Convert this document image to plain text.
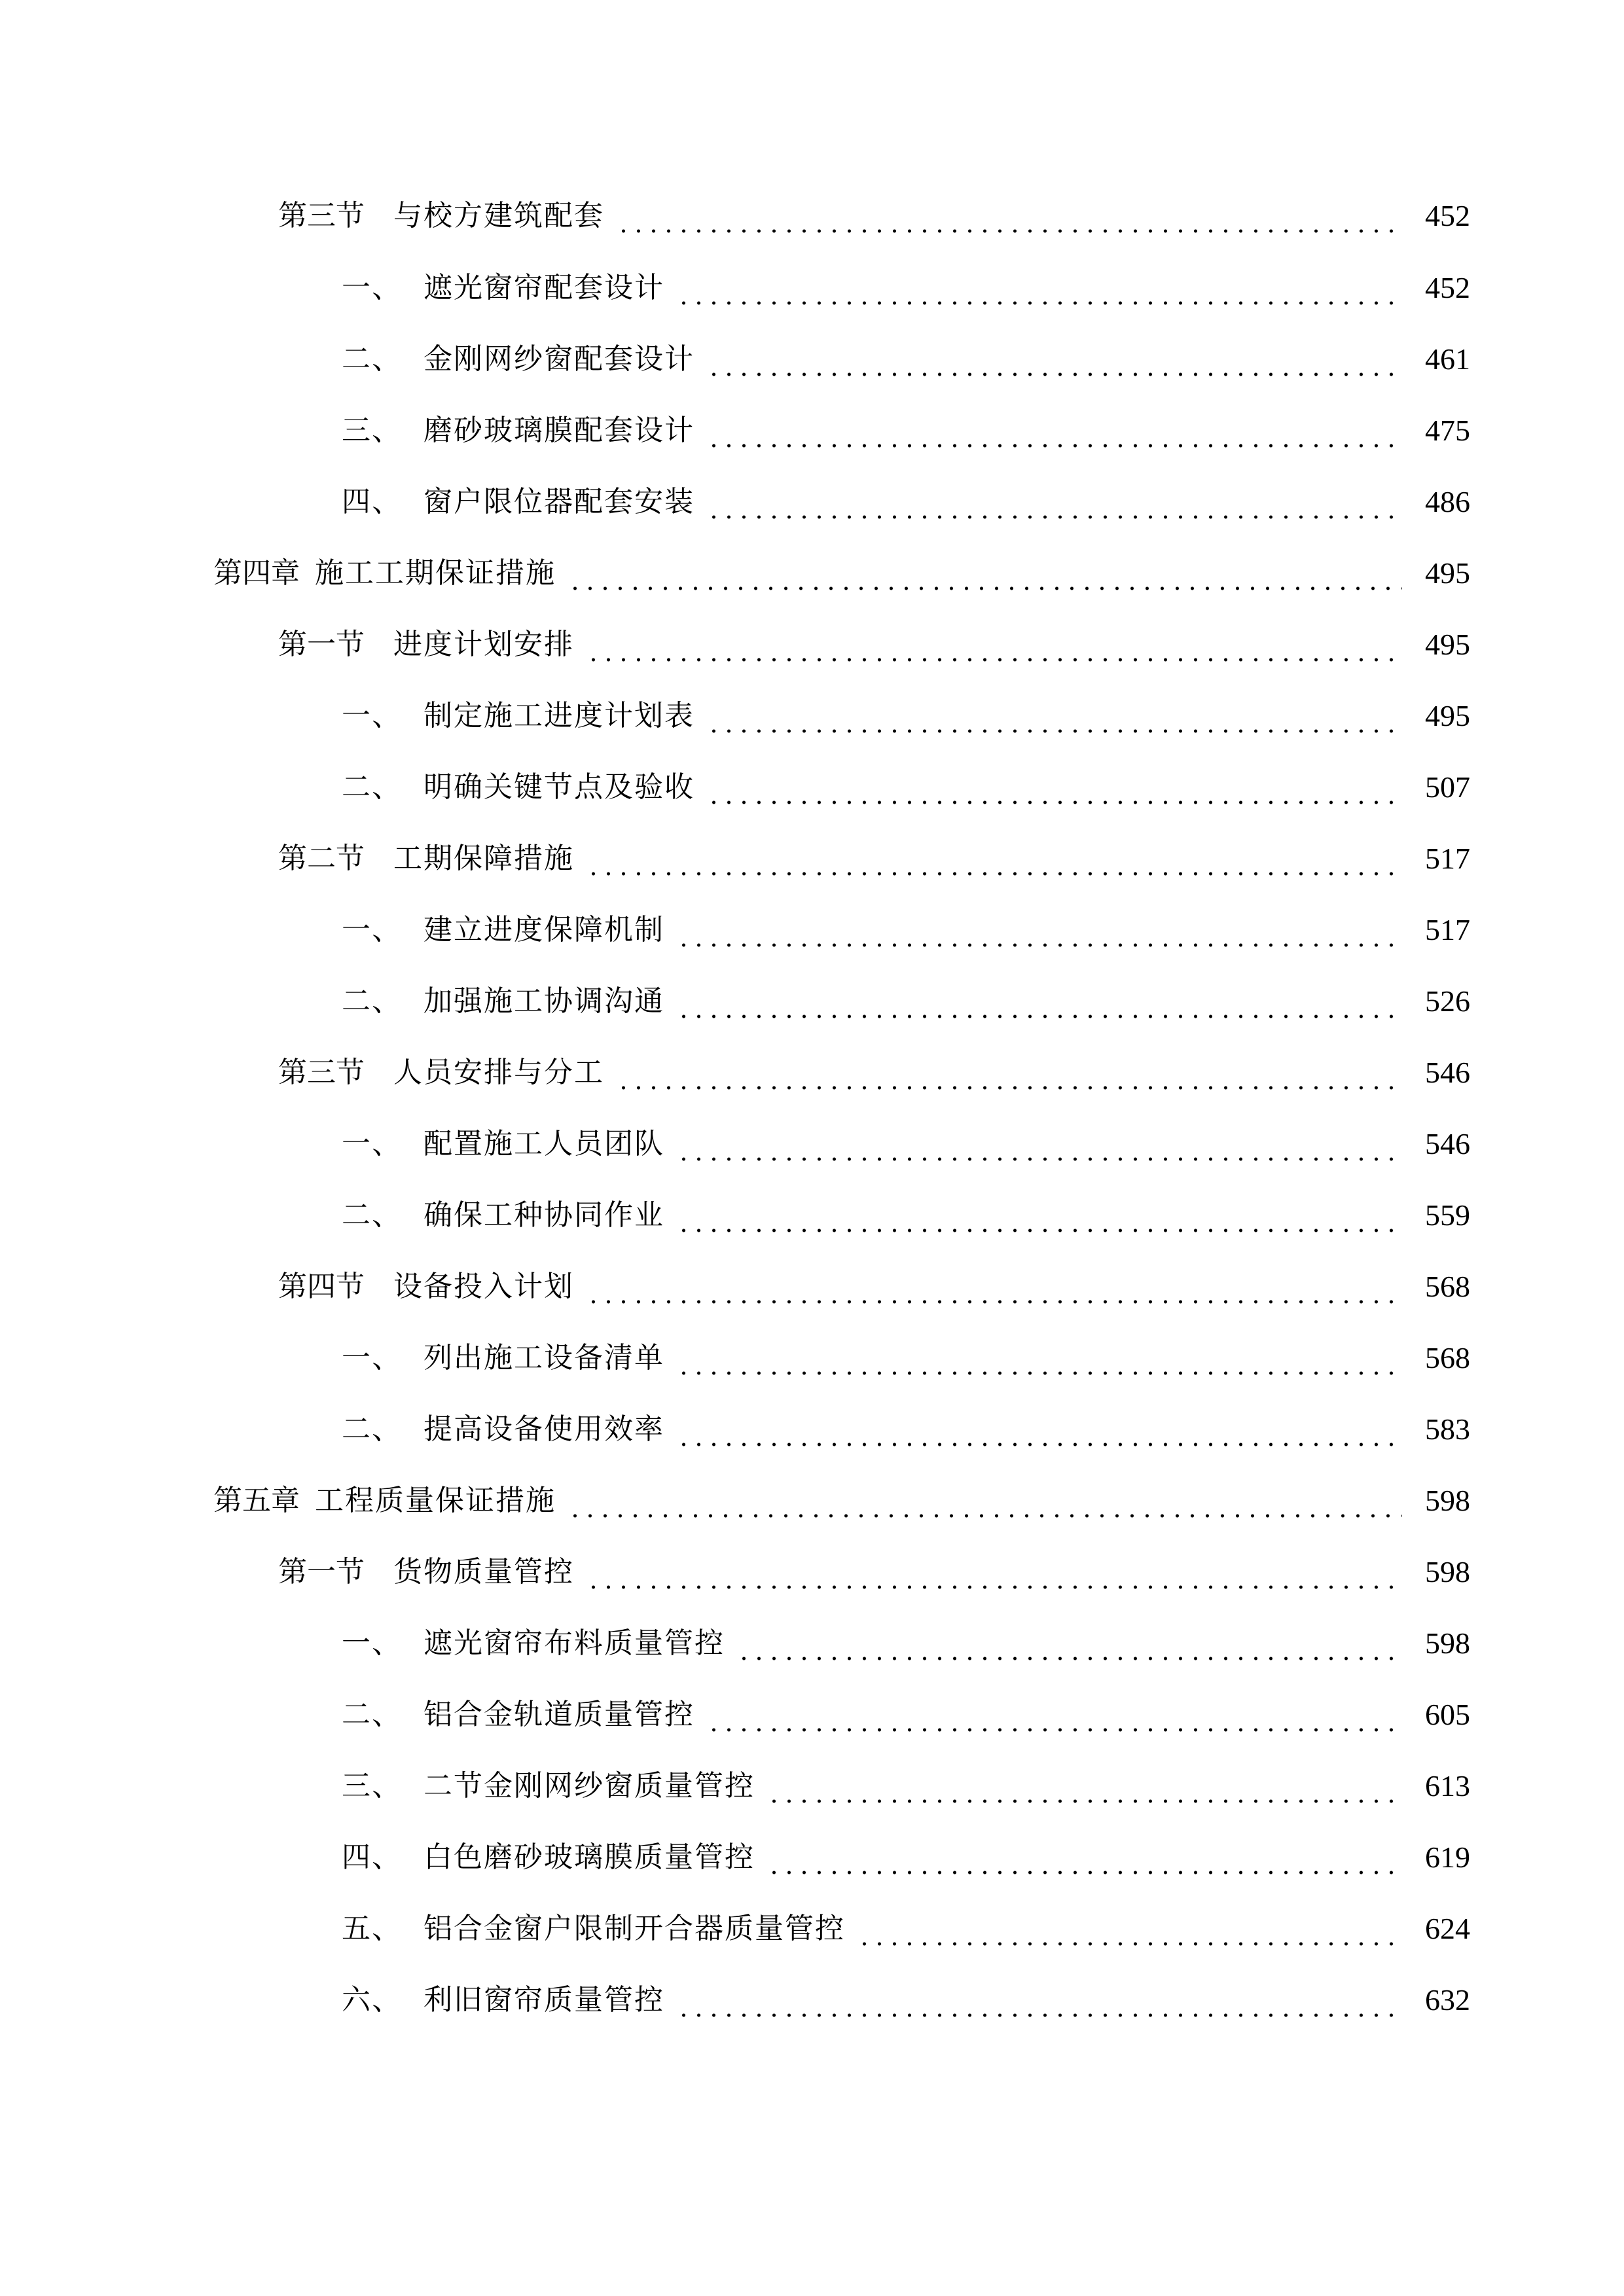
第三节	与校方建筑配套	452
一、 遮光窗帘配套设计	452
二、 金刚网纱窗配套设计	461
三、 磨砂玻璃膜配套设计	475
四、 窗户限位器配套安装	486
第四章 施工工期保证措施	495
第一节	进度计划安排	495
一、 制定施工进度计划表	495
二、 明确关键节点及验收	507
第二节	工期保障措施	517
一、 建立进度保障机制	517
二、 加强施工协调沟通	526
第三节	人员安排与分工	546
一、 配置施工人员团队	546
二、 确保工种协同作业	559
第四节	设备投入计划	568
一、 列出施工设备清单	568
二、 提高设备使用效率	583
第五章 工程质量保证措施	598
第一节	货物质量管控	598
一、 遮光窗帘布料质量管控	598
二、 铝合金轨道质量管控	605
三、 二节金刚网纱窗质量管控	613
四、 白色磨砂玻璃膜质量管控	619
五、 铝合金窗户限制开合器质量管控	624
六、 利旧窗帘质量管控	632
